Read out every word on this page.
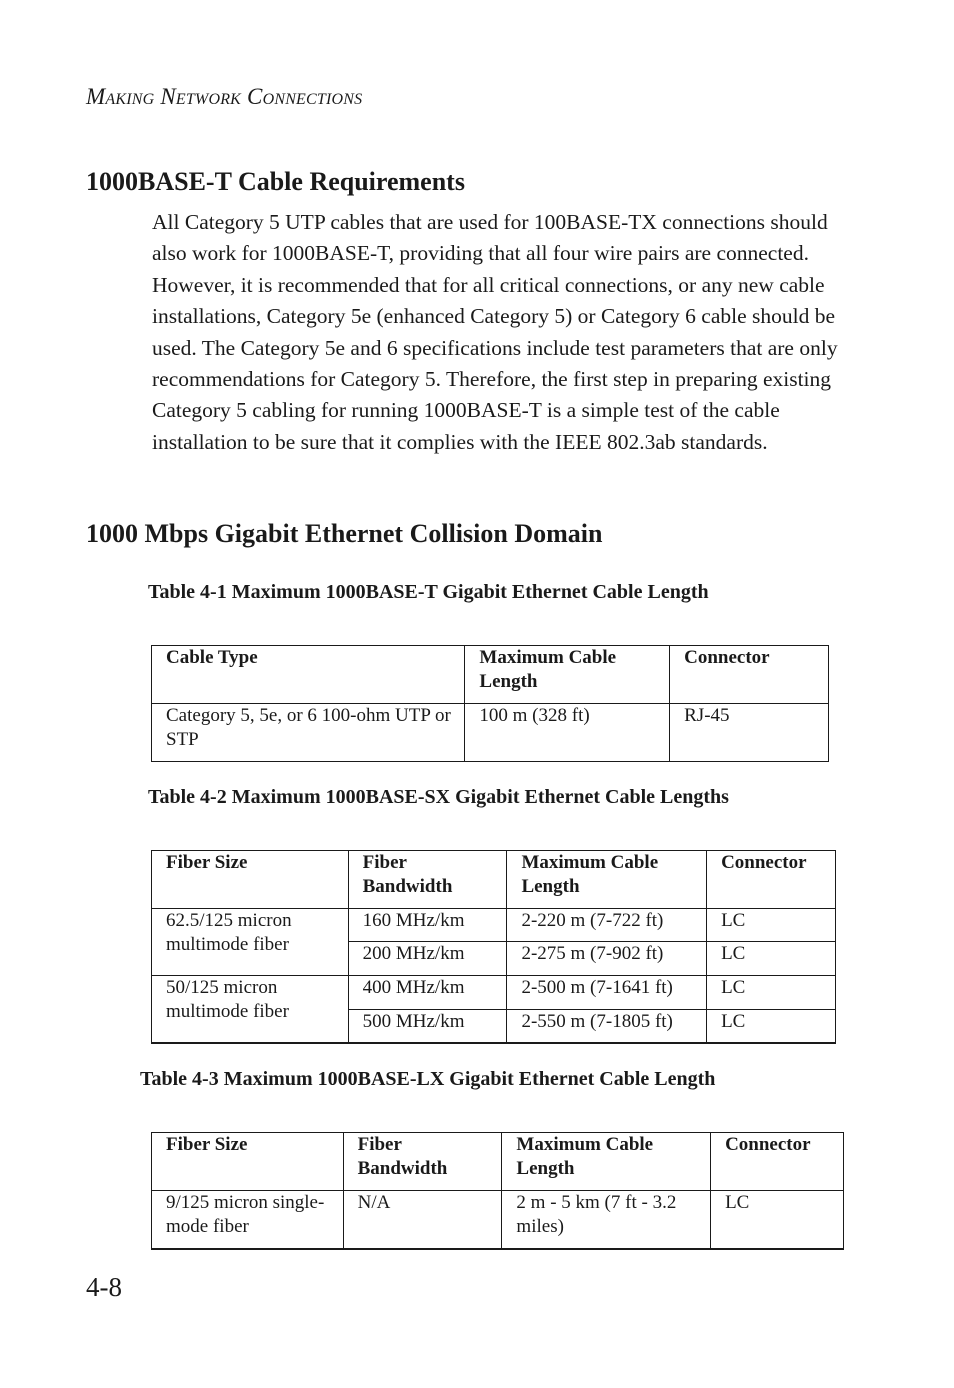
MAKING NETWORK CONNECTIONS
1000BASE-T Cable Requirements
All Category 5 UTP cables that are used for 100BASE-TX connections should also work for 1000BASE-T, providing that all four wire pairs are connected. However, it is recommended that for all critical connections, or any new cable installations, Category 5e (enhanced Category 5) or Category 6 cable should be used. The Category 5e and 6 specifications include test parameters that are only recommendations for Category 5. Therefore, the first step in preparing existing Category 5 cabling for running 1000BASE-T is a simple test of the cable installation to be sure that it complies with the IEEE 802.3ab standards.
1000 Mbps Gigabit Ethernet Collision Domain
Table 4-1 Maximum 1000BASE-T Gigabit Ethernet Cable Length
Cable Type	Maximum Cable Length	Connector
Category 5, 5e, or 6 100-ohm UTP or STP	100 m (328 ft)	RJ-45
Table 4-2 Maximum 1000BASE-SX Gigabit Ethernet Cable Lengths
Fiber Size	Fiber Bandwidth	Maximum Cable Length	Connector
62.5/125 micron multimode fiber	160 MHz/km	2-220 m (7-722 ft)	LC
	200 MHz/km	2-275 m (7-902 ft)	LC
50/125 micron multimode fiber	400 MHz/km	2-500 m (7-1641 ft)	LC
	500 MHz/km	2-550 m (7-1805 ft)	LC
Table 4-3 Maximum 1000BASE-LX Gigabit Ethernet Cable Length
Fiber Size	Fiber Bandwidth	Maximum Cable Length	Connector
9/125 micron single-mode fiber	N/A	2 m - 5 km (7 ft - 3.2 miles)	LC
4-8
